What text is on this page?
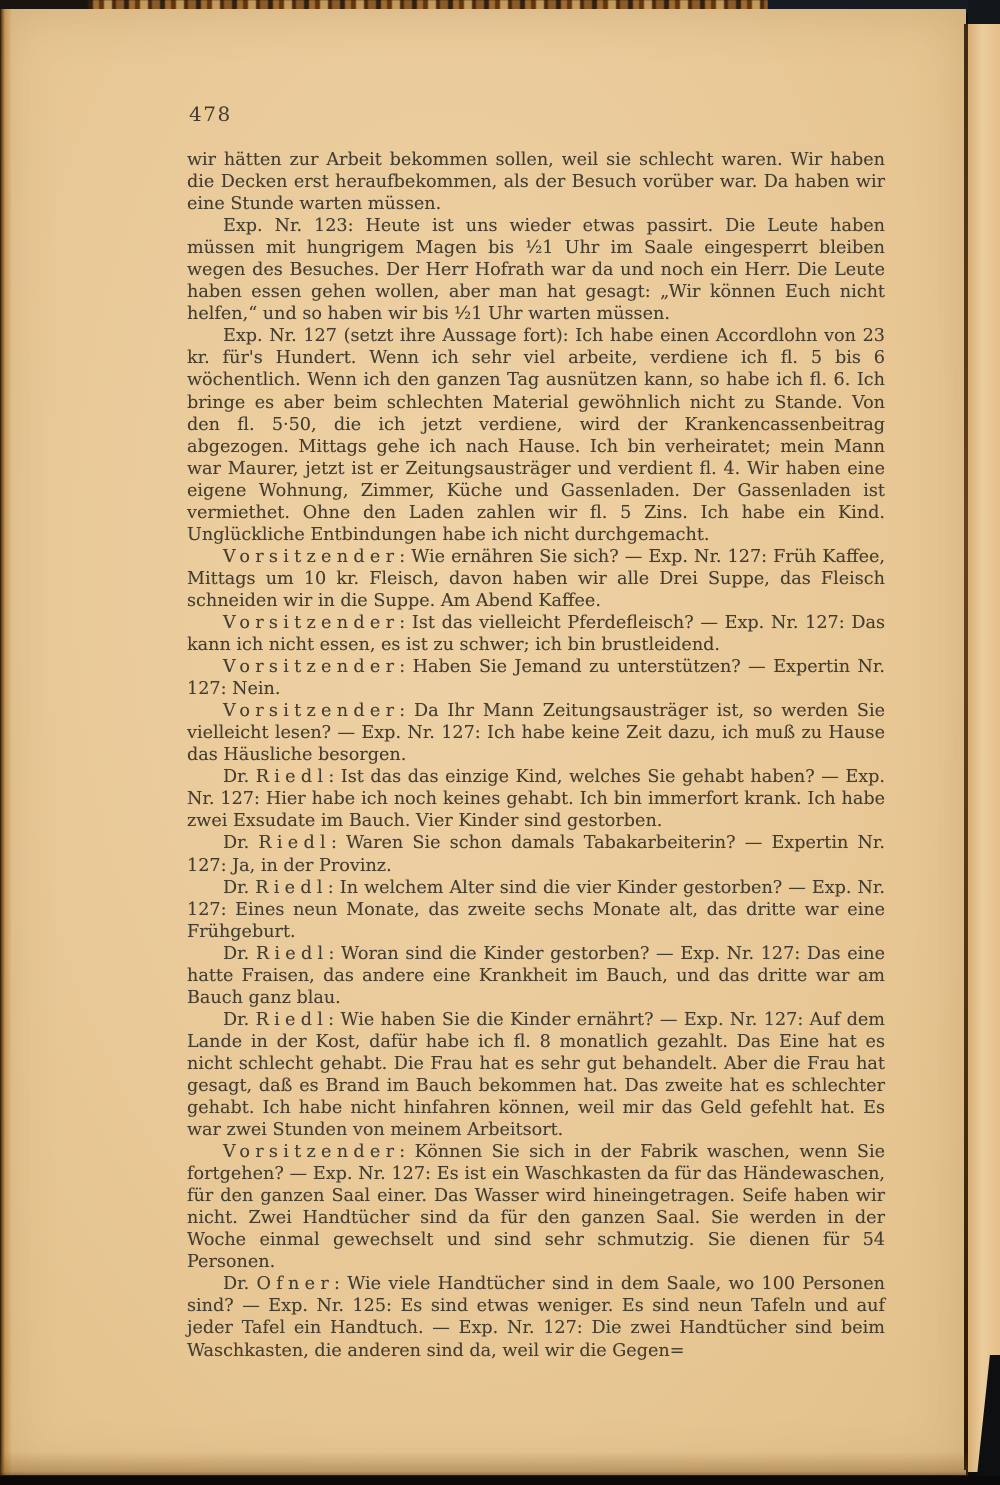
478

wir hätten zur Arbeit bekommen sollen, weil sie schlecht waren. Wir haben die Decken erst heraufbekommen, als der Besuch vorüber war. Da haben wir eine Stunde warten müssen.

Exp. Nr. 123: Heute ist uns wieder etwas passirt. Die Leute haben müssen mit hungrigem Magen bis ¹⁄₂1 Uhr im Saale eingesperrt bleiben wegen des Besuches. Der Herr Hofrath war da und noch ein Herr. Die Leute haben essen gehen wollen, aber man hat gesagt: „Wir können Euch nicht helfen,“ und so haben wir bis ¹⁄₂1 Uhr warten müssen.

Exp. Nr. 127 (setzt ihre Aussage fort): Ich habe einen Accordlohn von 23 kr. für's Hundert. Wenn ich sehr viel arbeite, verdiene ich fl. 5 bis 6 wöchentlich. Wenn ich den ganzen Tag ausnützen kann, so habe ich fl. 6. Ich bringe es aber beim schlechten Material gewöhnlich nicht zu Stande. Von den fl. 5·50, die ich jetzt verdiene, wird der Krankencassenbeitrag abgezogen. Mittags gehe ich nach Hause. Ich bin verheiratet; mein Mann war Maurer, jetzt ist er Zeitungsausträger und verdient fl. 4. Wir haben eine eigene Wohnung, Zimmer, Küche und Gassenladen. Der Gassenladen ist vermiethet. Ohne den Laden zahlen wir fl. 5 Zins. Ich habe ein Kind. Unglückliche Entbindungen habe ich nicht durchgemacht.

Vorsitzender: Wie ernähren Sie sich? — Exp. Nr. 127: Früh Kaffee, Mittags um 10 kr. Fleisch, davon haben wir alle Drei Suppe, das Fleisch schneiden wir in die Suppe. Am Abend Kaffee.

Vorsitzender: Ist das vielleicht Pferdefleisch? — Exp. Nr. 127: Das kann ich nicht essen, es ist zu schwer; ich bin brustleidend.

Vorsitzender: Haben Sie Jemand zu unterstützen? — Expertin Nr. 127: Nein.

Vorsitzender: Da Ihr Mann Zeitungsausträger ist, so werden Sie vielleicht lesen? — Exp. Nr. 127: Ich habe keine Zeit dazu, ich muß zu Hause das Häusliche besorgen.

Dr. Riedl: Ist das das einzige Kind, welches Sie gehabt haben? — Exp. Nr. 127: Hier habe ich noch keines gehabt. Ich bin immerfort krank. Ich habe zwei Exsudate im Bauch. Vier Kinder sind gestorben.

Dr. Riedl: Waren Sie schon damals Tabakarbeiterin? — Expertin Nr. 127: Ja, in der Provinz.

Dr. Riedl: In welchem Alter sind die vier Kinder gestorben? — Exp. Nr. 127: Eines neun Monate, das zweite sechs Monate alt, das dritte war eine Frühgeburt.

Dr. Riedl: Woran sind die Kinder gestorben? — Exp. Nr. 127: Das eine hatte Fraisen, das andere eine Krankheit im Bauch, und das dritte war am Bauch ganz blau.

Dr. Riedl: Wie haben Sie die Kinder ernährt? — Exp. Nr. 127: Auf dem Lande in der Kost, dafür habe ich fl. 8 monatlich gezahlt. Das Eine hat es nicht schlecht gehabt. Die Frau hat es sehr gut behandelt. Aber die Frau hat gesagt, daß es Brand im Bauch bekommen hat. Das zweite hat es schlechter gehabt. Ich habe nicht hinfahren können, weil mir das Geld gefehlt hat. Es war zwei Stunden von meinem Arbeitsort.

Vorsitzender: Können Sie sich in der Fabrik waschen, wenn Sie fortgehen? — Exp. Nr. 127: Es ist ein Waschkasten da für das Händewaschen, für den ganzen Saal einer. Das Wasser wird hineingetragen. Seife haben wir nicht. Zwei Handtücher sind da für den ganzen Saal. Sie werden in der Woche einmal gewechselt und sind sehr schmutzig. Sie dienen für 54 Personen.

Dr. Ofner: Wie viele Handtücher sind in dem Saale, wo 100 Personen sind? — Exp. Nr. 125: Es sind etwas weniger. Es sind neun Tafeln und auf jeder Tafel ein Handtuch. — Exp. Nr. 127: Die zwei Handtücher sind beim Waschkasten, die anderen sind da, weil wir die Gegen=
